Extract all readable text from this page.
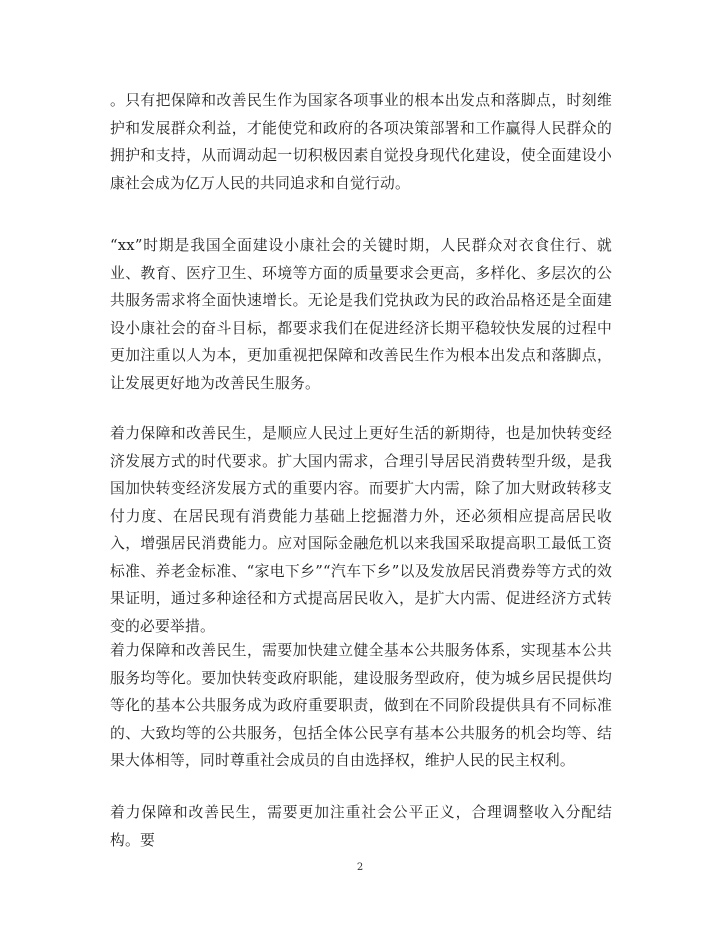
。只有把保障和改善民生作为国家各项事业的根本出发点和落脚点，时刻维护和发展群众利益，才能使党和政府的各项决策部署和工作赢得人民群众的拥护和支持，从而调动起一切积极因素自觉投身现代化建设，使全面建设小康社会成为亿万人民的共同追求和自觉行动。

“xx”时期是我国全面建设小康社会的关键时期，人民群众对衣食住行、就业、教育、医疗卫生、环境等方面的质量要求会更高，多样化、多层次的公共服务需求将全面快速增长。无论是我们党执政为民的政治品格还是全面建设小康社会的奋斗目标，都要求我们在促进经济长期平稳较快发展的过程中更加注重以人为本，更加重视把保障和改善民生作为根本出发点和落脚点，让发展更好地为改善民生服务。

着力保障和改善民生，是顺应人民过上更好生活的新期待，也是加快转变经济发展方式的时代要求。扩大国内需求，合理引导居民消费转型升级，是我国加快转变经济发展方式的重要内容。而要扩大内需，除了加大财政转移支付力度、在居民现有消费能力基础上挖掘潜力外，还必须相应提高居民收入，增强居民消费能力。应对国际金融危机以来我国采取提高职工最低工资标准、养老金标准、“家电下乡”“汽车下乡”以及发放居民消费券等方式的效果证明，通过多种途径和方式提高居民收入，是扩大内需、促进经济方式转变的必要举措。

着力保障和改善民生，需要加快建立健全基本公共服务体系，实现基本公共服务均等化。要加快转变政府职能，建设服务型政府，使为城乡居民提供均等化的基本公共服务成为政府重要职责，做到在不同阶段提供具有不同标准的、大致均等的公共服务，包括全体公民享有基本公共服务的机会均等、结果大体相等，同时尊重社会成员的自由选择权，维护人民的民主权利。

着力保障和改善民生，需要更加注重社会公平正义，合理调整收入分配结构。要

2
